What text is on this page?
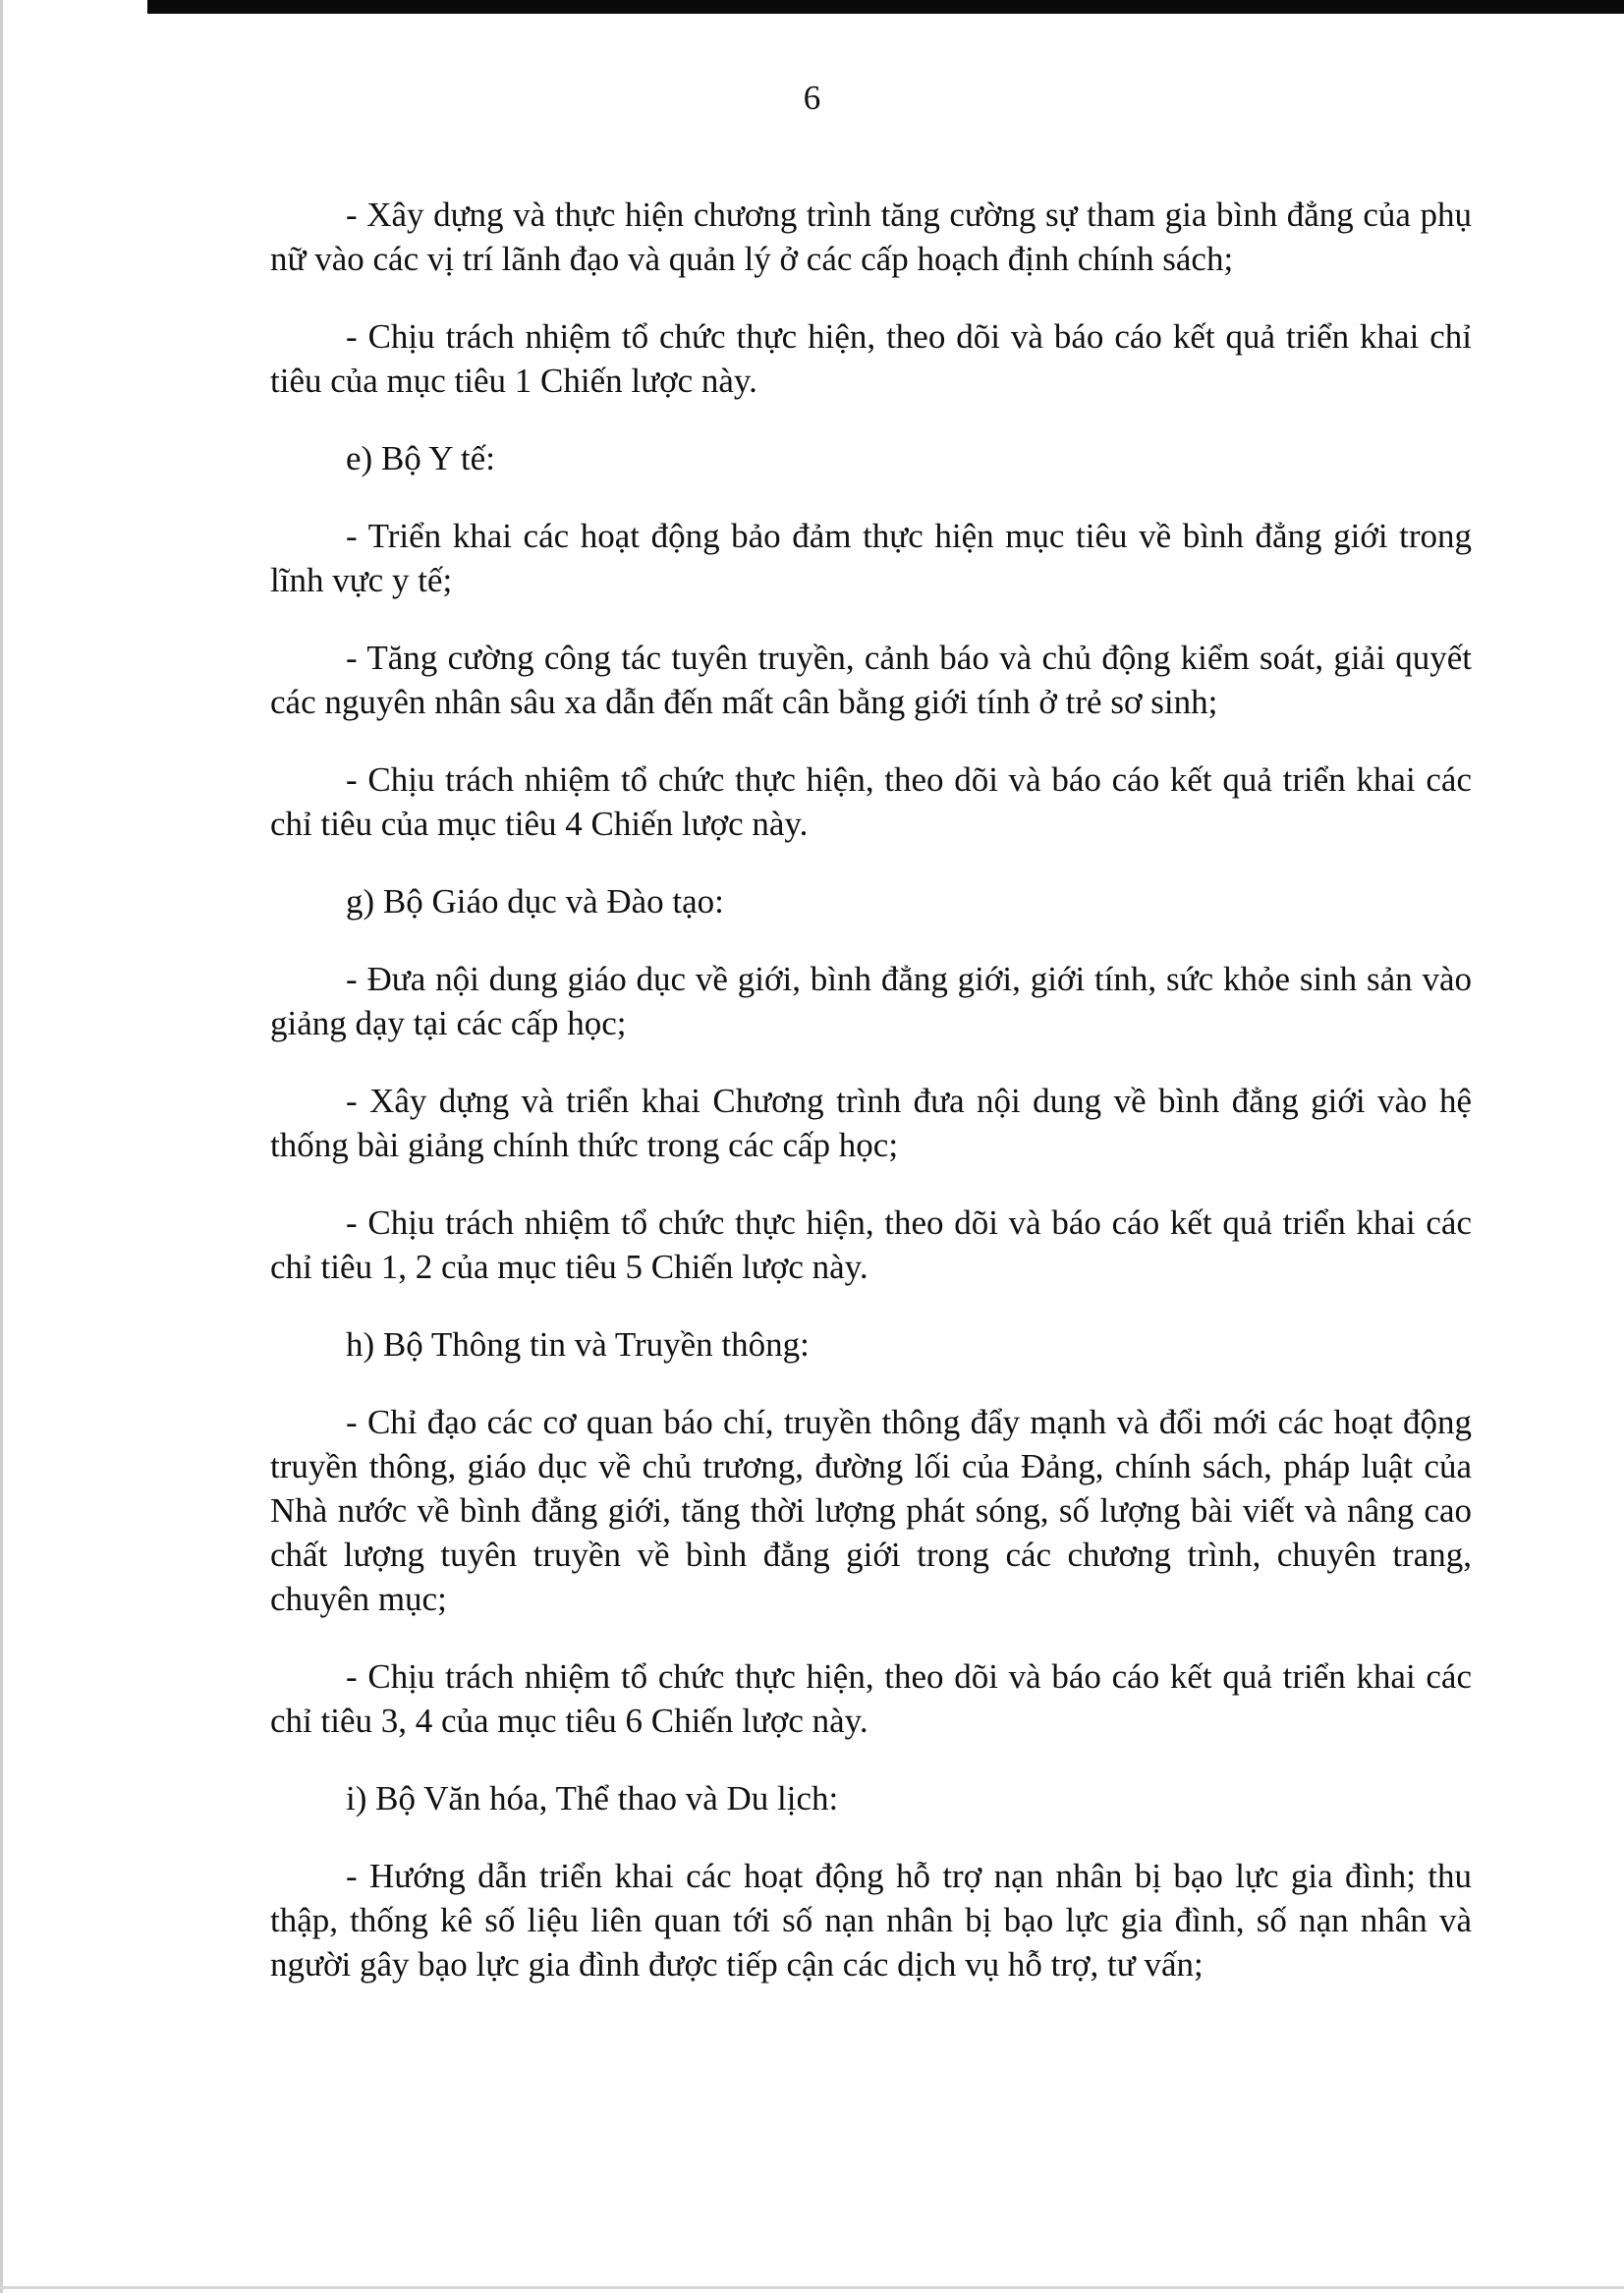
6

- Xây dựng và thực hiện chương trình tăng cường sự tham gia bình đẳng của phụ nữ vào các vị trí lãnh đạo và quản lý ở các cấp hoạch định chính sách;

- Chịu trách nhiệm tổ chức thực hiện, theo dõi và báo cáo kết quả triển khai chỉ tiêu của mục tiêu 1 Chiến lược này.

e) Bộ Y tế:

- Triển khai các hoạt động bảo đảm thực hiện mục tiêu về bình đẳng giới trong lĩnh vực y tế;

- Tăng cường công tác tuyên truyền, cảnh báo và chủ động kiểm soát, giải quyết các nguyên nhân sâu xa dẫn đến mất cân bằng giới tính ở trẻ sơ sinh;

- Chịu trách nhiệm tổ chức thực hiện, theo dõi và báo cáo kết quả triển khai các chỉ tiêu của mục tiêu 4 Chiến lược này.

g) Bộ Giáo dục và Đào tạo:

- Đưa nội dung giáo dục về giới, bình đẳng giới, giới tính, sức khỏe sinh sản vào giảng dạy tại các cấp học;

- Xây dựng và triển khai Chương trình đưa nội dung về bình đẳng giới vào hệ thống bài giảng chính thức trong các cấp học;

- Chịu trách nhiệm tổ chức thực hiện, theo dõi và báo cáo kết quả triển khai các chỉ tiêu 1, 2 của mục tiêu 5 Chiến lược này.

h) Bộ Thông tin và Truyền thông:

- Chỉ đạo các cơ quan báo chí, truyền thông đẩy mạnh và đổi mới các hoạt động truyền thông, giáo dục về chủ trương, đường lối của Đảng, chính sách, pháp luật của Nhà nước về bình đẳng giới, tăng thời lượng phát sóng, số lượng bài viết và nâng cao chất lượng tuyên truyền về bình đẳng giới trong các chương trình, chuyên trang, chuyên mục;

- Chịu trách nhiệm tổ chức thực hiện, theo dõi và báo cáo kết quả triển khai các chỉ tiêu 3, 4 của mục tiêu 6 Chiến lược này.

i) Bộ Văn hóa, Thể thao và Du lịch:

- Hướng dẫn triển khai các hoạt động hỗ trợ nạn nhân bị bạo lực gia đình; thu thập, thống kê số liệu liên quan tới số nạn nhân bị bạo lực gia đình, số nạn nhân và người gây bạo lực gia đình được tiếp cận các dịch vụ hỗ trợ, tư vấn;
